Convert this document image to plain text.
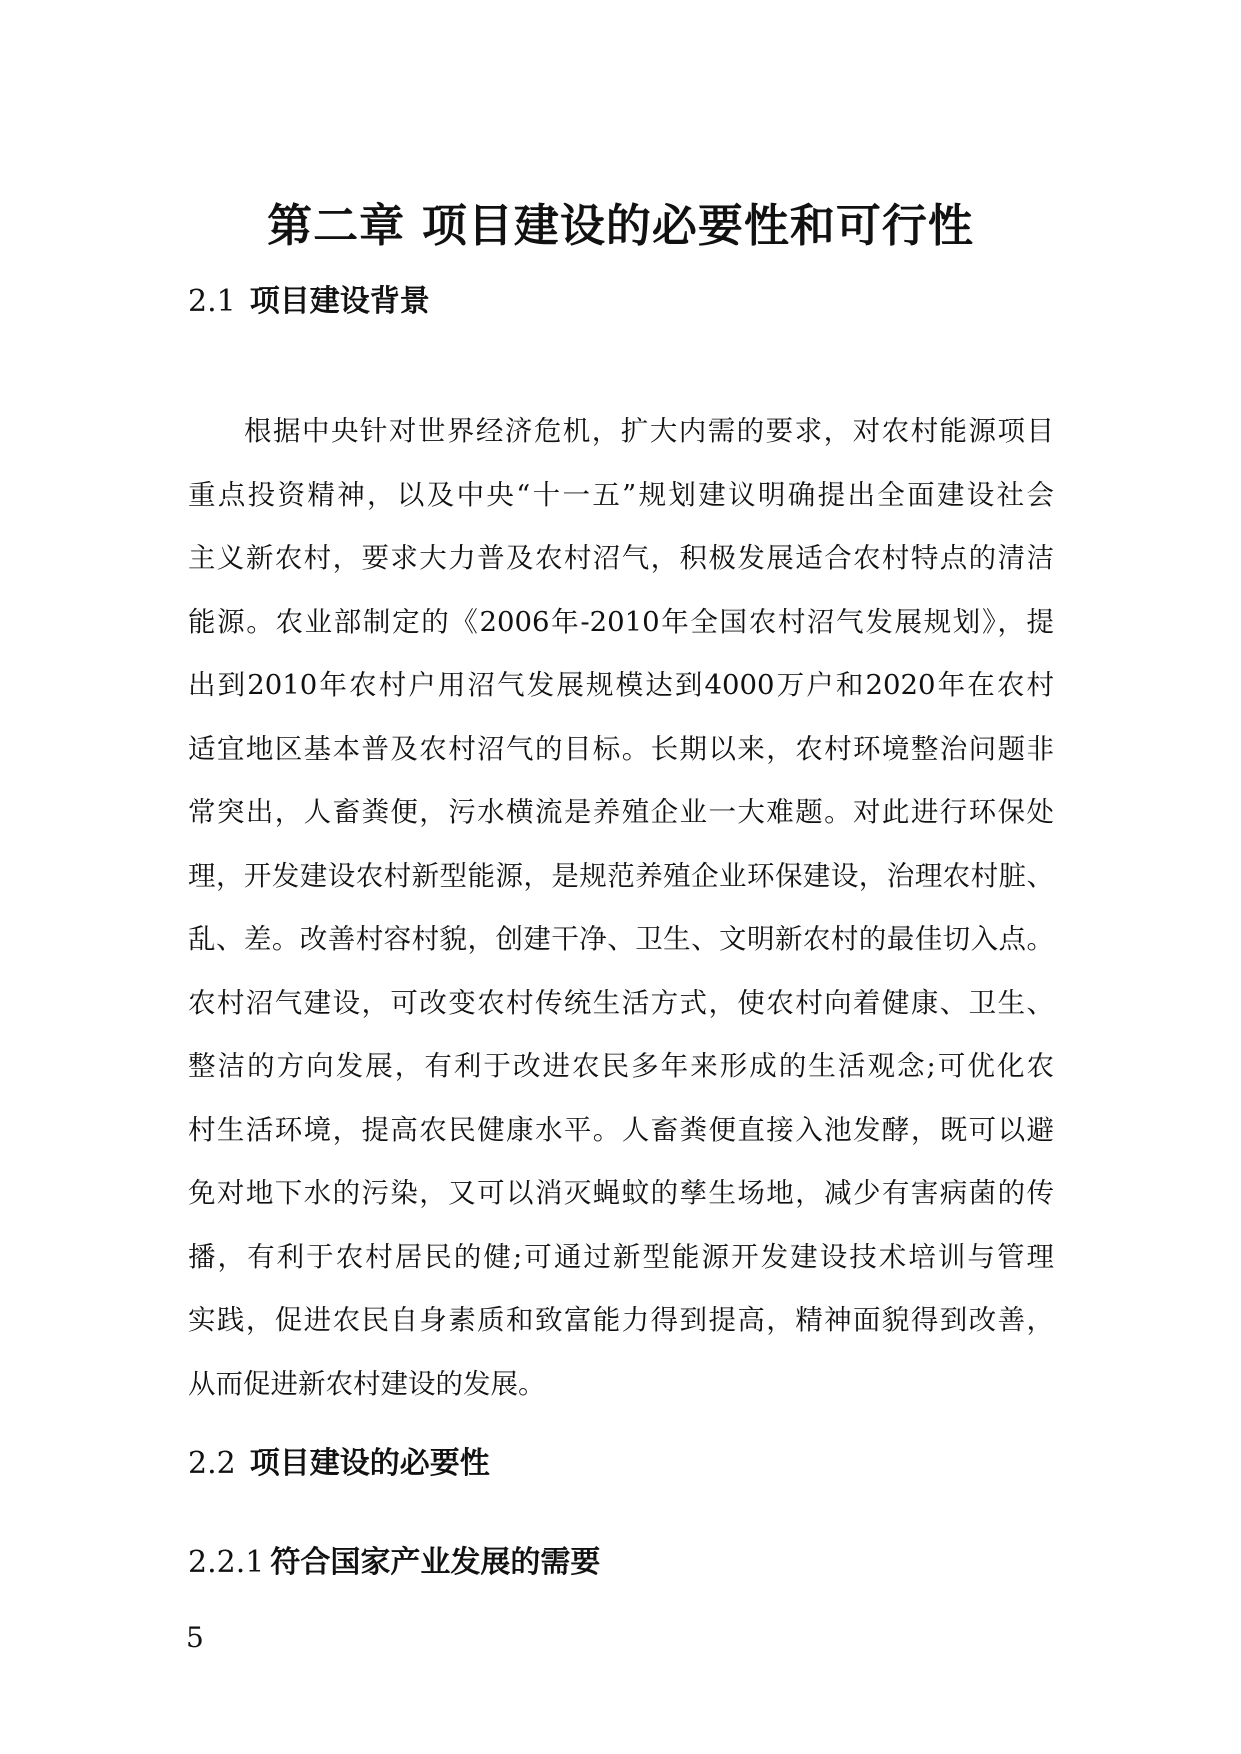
第二章 项目建设的必要性和可行性
2.1 项目建设背景
根据中央针对世界经济危机，扩大内需的要求，对农村能源项目
重点投资精神，以及中央“十一五”规划建议明确提出全面建设社会
主义新农村，要求大力普及农村沼气，积极发展适合农村特点的清洁
能源。农业部制定的《2006年-2010年全国农村沼气发展规划》，提
出到2010年农村户用沼气发展规模达到4000万户和2020年在农村
适宜地区基本普及农村沼气的目标。长期以来，农村环境整治问题非
常突出，人畜粪便，污水横流是养殖企业一大难题。对此进行环保处
理，开发建设农村新型能源，是规范养殖企业环保建设，治理农村脏、
乱、差。改善村容村貌，创建干净、卫生、文明新农村的最佳切入点。
农村沼气建设，可改变农村传统生活方式，使农村向着健康、卫生、
整洁的方向发展，有利于改进农民多年来形成的生活观念;可优化农
村生活环境，提高农民健康水平。人畜粪便直接入池发酵，既可以避
免对地下水的污染，又可以消灭蝇蚊的孳生场地，减少有害病菌的传
播，有利于农村居民的健;可通过新型能源开发建设技术培训与管理
实践，促进农民自身素质和致富能力得到提高，精神面貌得到改善，
从而促进新农村建设的发展。
2.2 项目建设的必要性
2.2.1 符合国家产业发展的需要
5
